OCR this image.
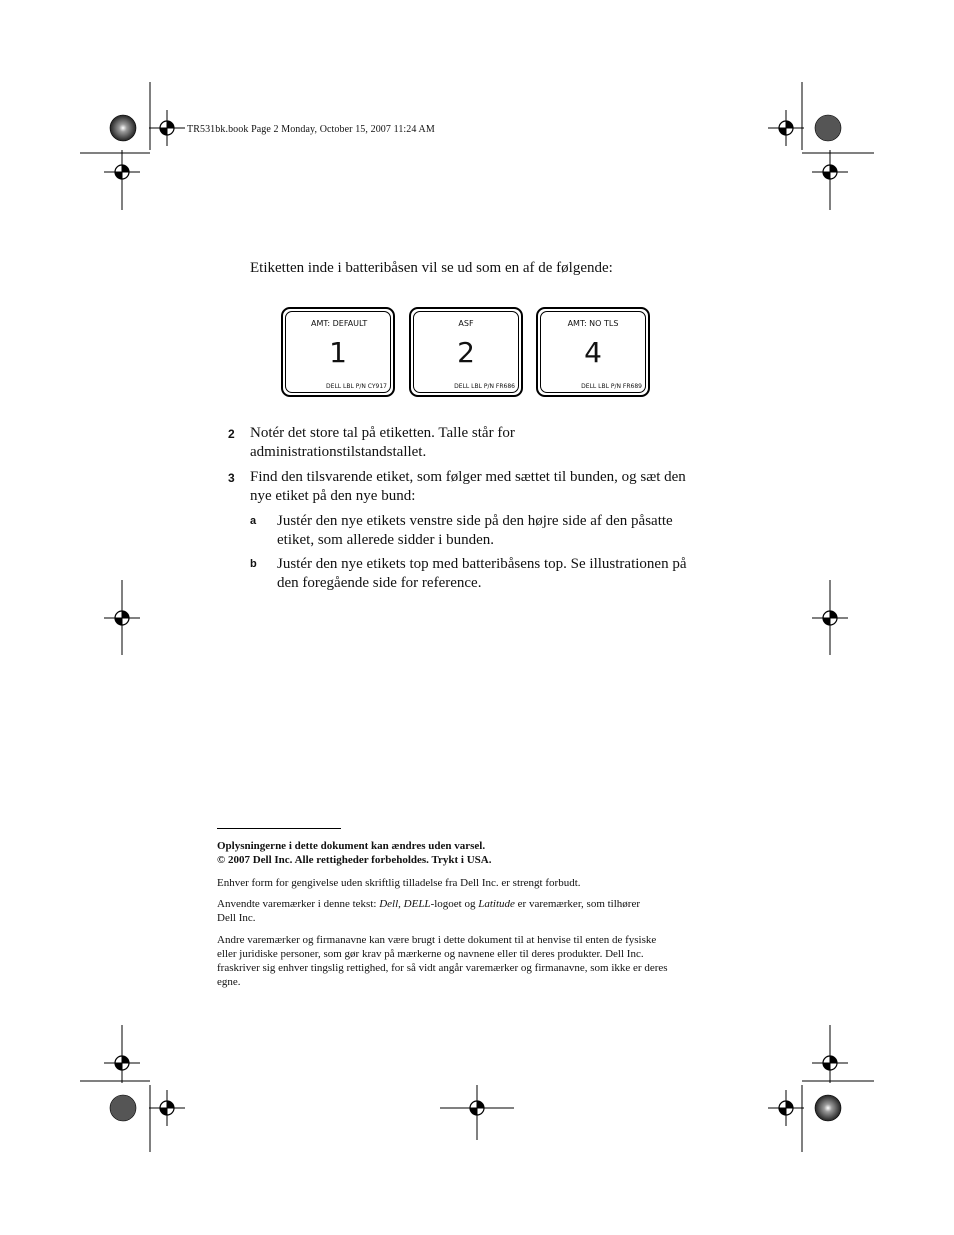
TR531bk.book Page 2 Monday, October 15, 2007 11:24 AM
Etiketten inde i batteribåsen vil se ud som en af de følgende:
AMT: DEFAULT
1
DELL LBL P/N CY917
ASF
2
DELL LBL P/N FR686
AMT: NO TLS
4
DELL LBL P/N FR689
2 Notér det store tal på etiketten. Talle står for
administrationstilstandstallet.
3 Find den tilsvarende etiket, som følger med sættet til bunden, og sæt den
nye etiket på den nye bund:
a Justér den nye etikets venstre side på den højre side af den påsatte
etiket, som allerede sidder i bunden.
b Justér den nye etikets top med batteribåsens top. Se illustrationen på
den foregående side for reference.
Oplysningerne i dette dokument kan ændres uden varsel.
© 2007 Dell Inc. Alle rettigheder forbeholdes. Trykt i USA.
Enhver form for gengivelse uden skriftlig tilladelse fra Dell Inc. er strengt forbudt.
Anvendte varemærker i denne tekst: Dell, DELL-logoet og Latitude er varemærker, som tilhører
Dell Inc.
Andre varemærker og firmanavne kan være brugt i dette dokument til at henvise til enten de fysiske
eller juridiske personer, som gør krav på mærkerne og navnene eller til deres produkter. Dell Inc.
fraskriver sig enhver tingslig rettighed, for så vidt angår varemærker og firmanavne, som ikke er deres
egne.
